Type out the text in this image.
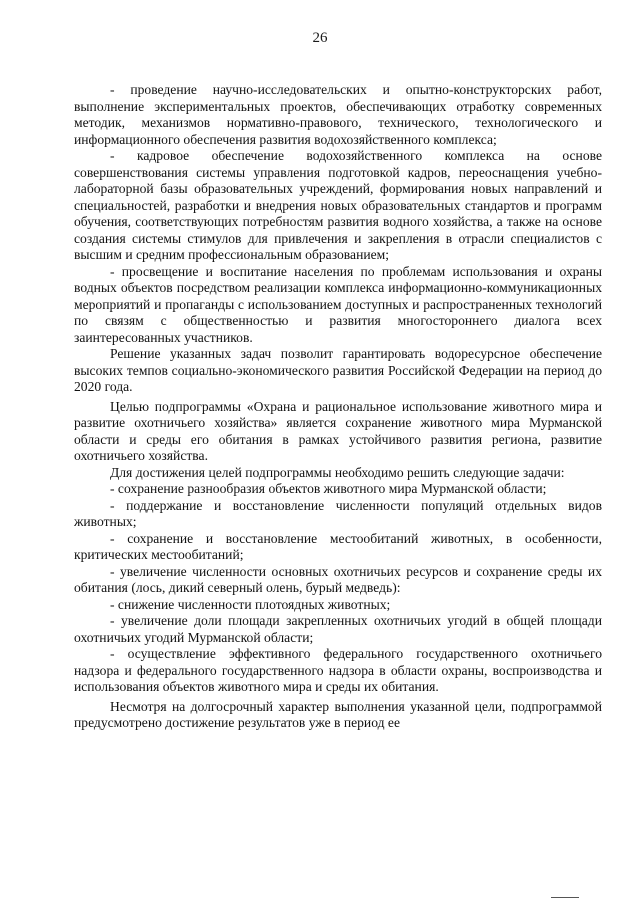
26

- проведение научно-исследовательских и опытно-конструкторских работ, выполнение экспериментальных проектов, обеспечивающих отработку современных методик, механизмов нормативно-правового, технического, технологического и информационного обеспечения развития водохозяйственного комплекса;

- кадровое обеспечение водохозяйственного комплекса на основе совершенствования системы управления подготовкой кадров, переоснащения учебно-лабораторной базы образовательных учреждений, формирования новых направлений и специальностей, разработки и внедрения новых образовательных стандартов и программ обучения, соответствующих потребностям развития водного хозяйства, а также на основе создания системы стимулов для привлечения и закрепления в отрасли специалистов с высшим и средним профессиональным образованием;

- просвещение и воспитание населения по проблемам использования и охраны водных объектов посредством реализации комплекса информационно-коммуникационных мероприятий и пропаганды с использованием доступных и распространенных технологий по связям с общественностью и развития многостороннего диалога всех заинтересованных участников.

Решение указанных задач позволит гарантировать водоресурсное обеспечение высоких темпов социально-экономического развития Российской Федерации на период до 2020 года.

Целью подпрограммы «Охрана и рациональное использование животного мира и развитие охотничьего хозяйства» является сохранение животного мира Мурманской области и среды его обитания в рамках устойчивого развития региона, развитие охотничьего хозяйства.

Для достижения целей подпрограммы необходимо решить следующие задачи:

- сохранение разнообразия объектов животного мира Мурманской области;

- поддержание и восстановление численности популяций отдельных видов животных;

- сохранение и восстановление местообитаний животных, в особенности, критических местообитаний;

- увеличение численности основных охотничьих ресурсов и сохранение среды их обитания (лось, дикий северный олень, бурый медведь):

- снижение численности плотоядных животных;

- увеличение доли площади закрепленных охотничьих угодий в общей площади охотничьих угодий Мурманской области;

- осуществление эффективного федерального государственного охотничьего надзора и федерального государственного надзора в области охраны, воспроизводства и использования объектов животного мира и среды их обитания.

Несмотря на долгосрочный характер выполнения указанной цели, подпрограммой предусмотрено достижение результатов уже в период ее
